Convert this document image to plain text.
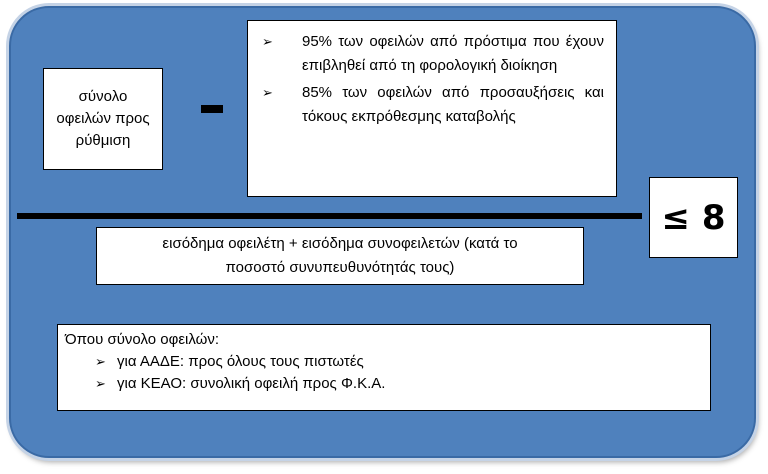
σύνολο
οφειλών προς
ρύθμιση
➢	95% των οφειλών από πρόστιμα που έχουν επιβληθεί από τη φορολογική διοίκηση
➢	85% των οφειλών από προσαυξήσεις και τόκους εκπρόθεσμης καταβολής
εισόδημα οφειλέτη + εισόδημα συνοφειλετών (κατά το
ποσοστό συνυπευθυνότητάς τους)
≤ 8
Όπου σύνολο οφειλών:
➢ για ΑΑΔΕ: προς όλους τους πιστωτές
➢ για ΚΕΑΟ: συνολική οφειλή προς Φ.Κ.Α.
